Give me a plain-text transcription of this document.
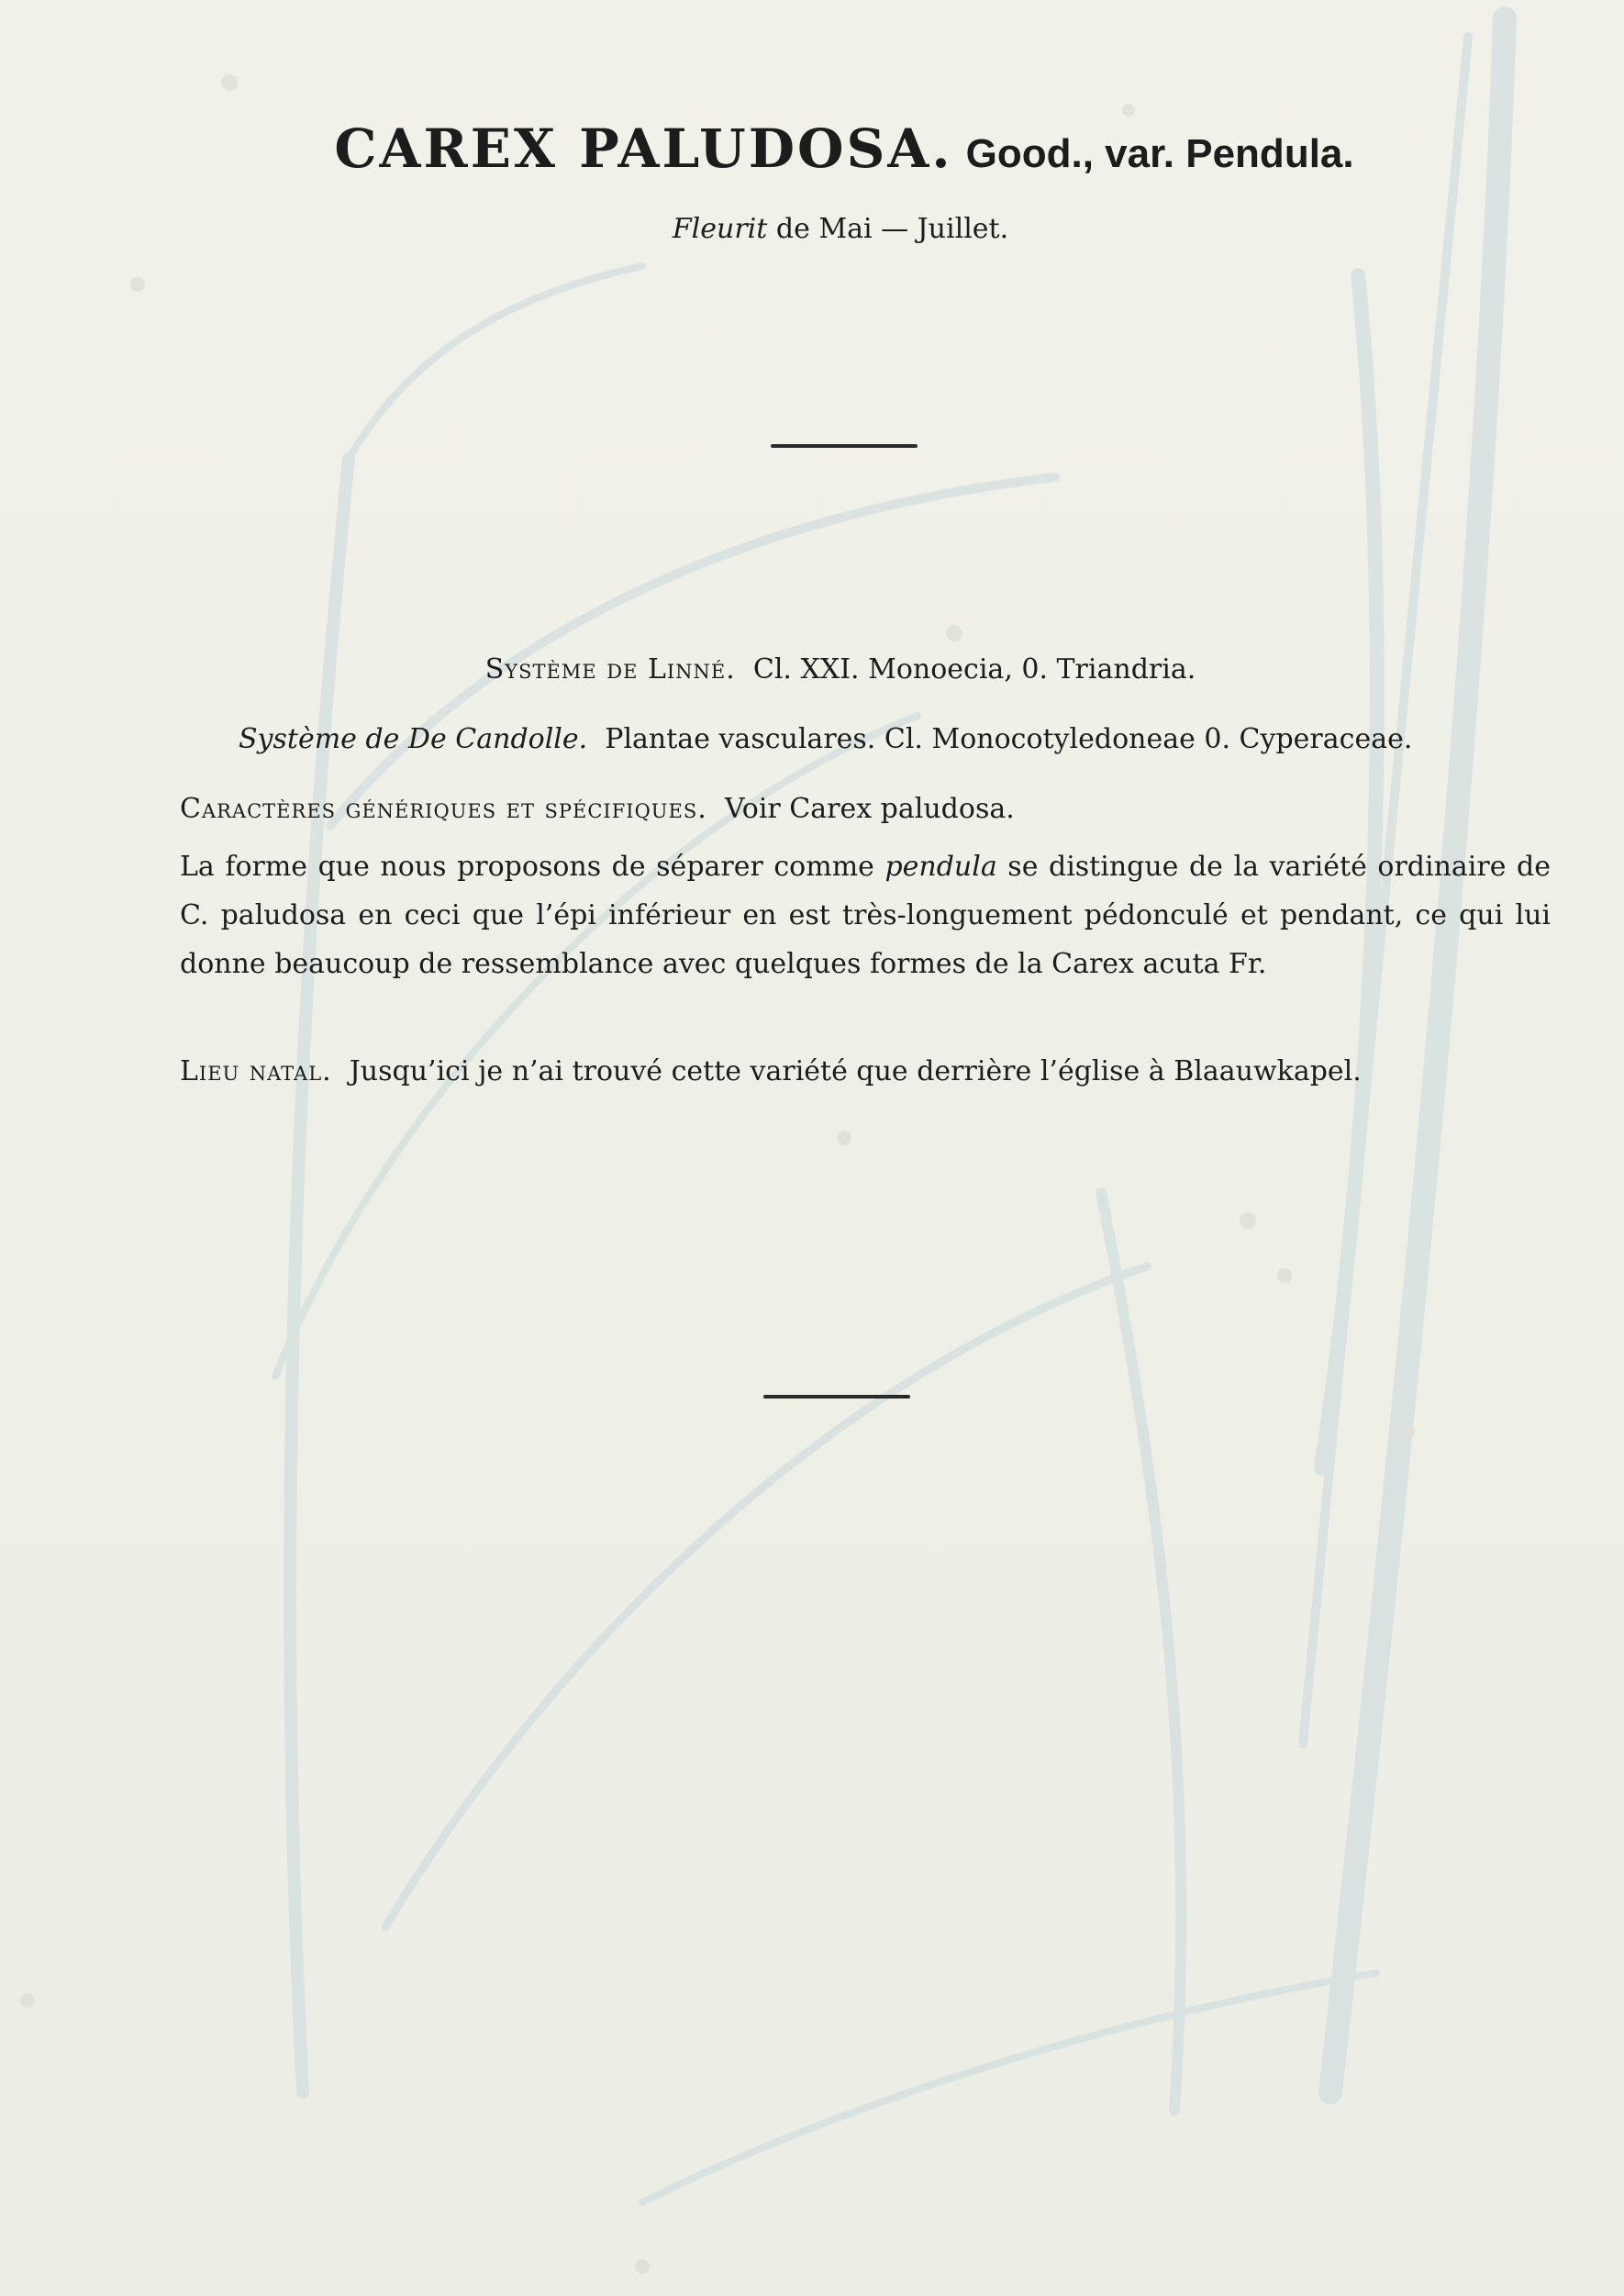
CAREX PALUDOSA. Good., var. Pendula.
Fleurit de Mai — Juillet.
Système de Linné. Cl. XXI. Monoecia, 0. Triandria.
Système de De Candolle. Plantae vasculares. Cl. Monocotyledoneae 0. Cyperaceae.
Caractères génériques et spécifiques. Voir Carex paludosa.
La forme que nous proposons de séparer comme pendula se distingue de la variété ordinaire de C. paludosa en ceci que l’épi inférieur en est très-longuement pédonculé et pendant, ce qui lui donne beaucoup de ressemblance avec quelques formes de la Carex acuta Fr.
Lieu natal. Jusqu’ici je n’ai trouvé cette variété que derrière l’église à Blaauwkapel.
